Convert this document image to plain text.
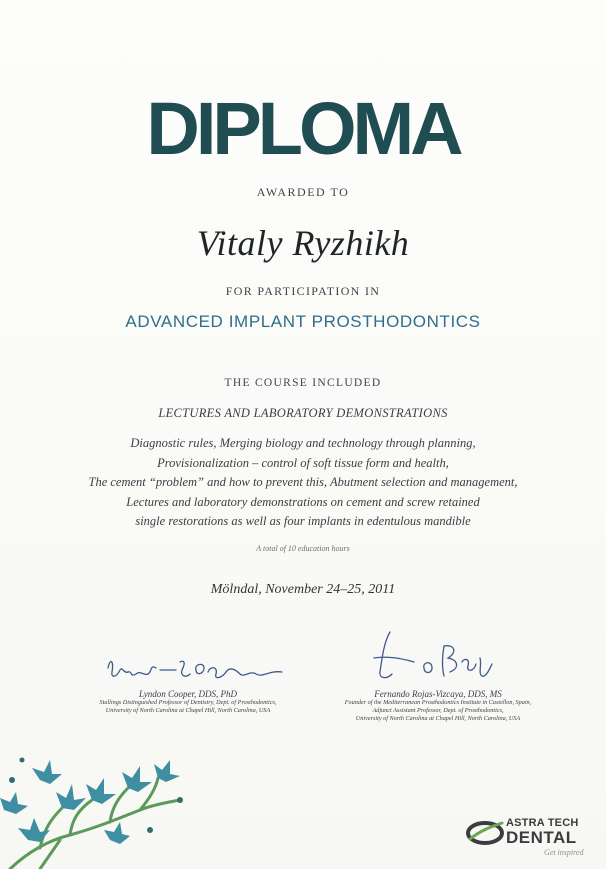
DIPLOMA
AWARDED TO
Vitaly Ryzhikh
FOR PARTICIPATION IN
ADVANCED IMPLANT PROSTHODONTICS
THE COURSE INCLUDED
LECTURES AND LABORATORY DEMONSTRATIONS
Diagnostic rules, Merging biology and technology through planning,
Provisionalization – control of soft tissue form and health,
The cement “problem” and how to prevent this, Abutment selection and management,
Lectures and laboratory demonstrations on cement and screw retained
single restorations as well as four implants in edentulous mandible
A total of 10 education hours
Mölndal, November 24–25, 2011
Lyndon Cooper, DDS, PhD
Stallings Distinguished Professor of Dentistry, Dept. of Prosthodontics,
University of North Carolina at Chapel Hill, North Carolina, USA
Fernando Rojas-Vizcaya, DDS, MS
Founder of the Mediterranean Prosthodontics Institute in Castellon, Spain,
Adjunct Assistant Professor, Dept. of Prosthodontics,
University of North Carolina at Chapel Hill, North Carolina, USA
ASTRA TECH
DENTAL
Get inspired
